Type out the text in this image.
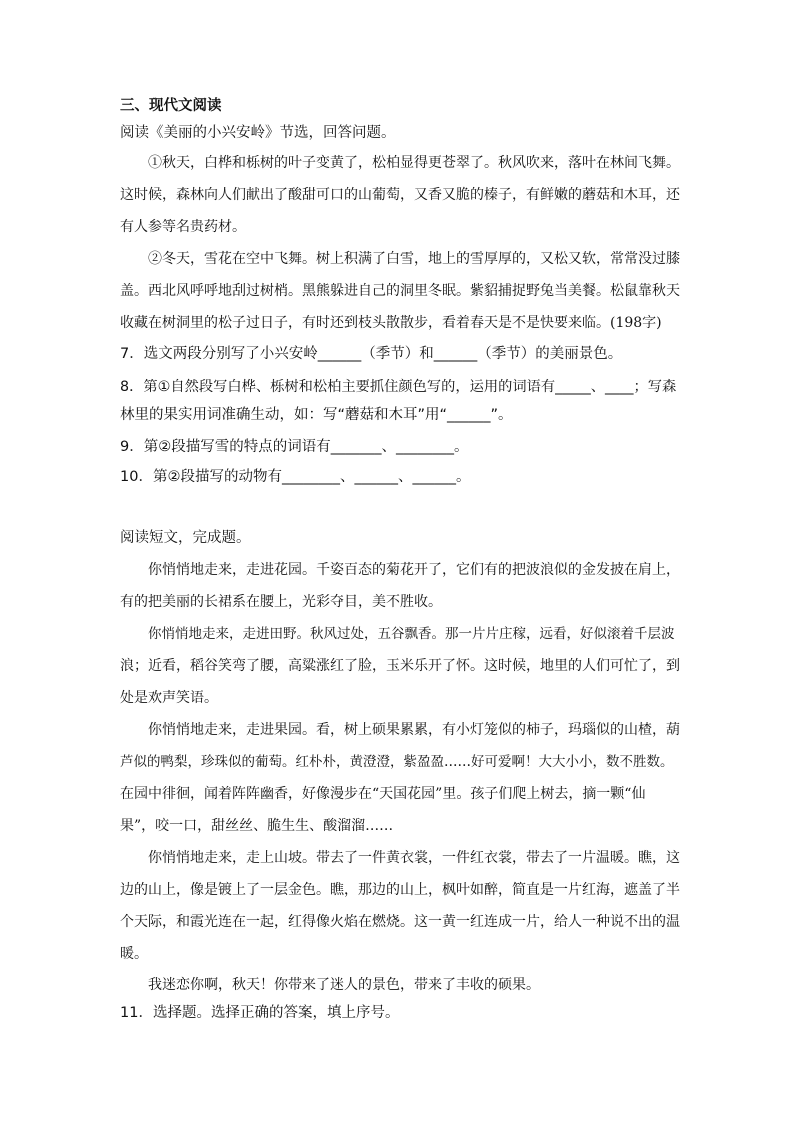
三、现代文阅读
阅读《美丽的小兴安岭》节选，回答问题。
①秋天，白桦和栎树的叶子变黄了，松柏显得更苍翠了。秋风吹来，落叶在林间飞舞。
这时候，森林向人们献出了酸甜可口的山葡萄，又香又脆的榛子，有鲜嫩的蘑菇和木耳，还
有人参等名贵药材。
②冬天，雪花在空中飞舞。树上积满了白雪，地上的雪厚厚的，又松又软，常常没过膝
盖。西北风呼呼地刮过树梢。黑熊躲进自己的洞里冬眠。紫貂捕捉野兔当美餐。松鼠靠秋天
收藏在树洞里的松子过日子，有时还到枝头散散步，看着春天是不是快要来临。(198字)
7．选文两段分别写了小兴安岭______（季节）和______（季节）的美丽景色。
8．第①自然段写白桦、栎树和松柏主要抓住颜色写的，运用的词语有_____、____；写森
林里的果实用词准确生动，如：写“蘑菇和木耳”用“______”。
9．第②段描写雪的特点的词语有_______、________。
10．第②段描写的动物有________、______、______。
阅读短文，完成题。
你悄悄地走来，走进花园。千姿百态的菊花开了，它们有的把波浪似的金发披在肩上，
有的把美丽的长裙系在腰上，光彩夺目，美不胜收。
你悄悄地走来，走进田野。秋风过处，五谷飘香。那一片片庄稼，远看，好似滚着千层波
浪；近看，稻谷笑弯了腰，高粱涨红了脸，玉米乐开了怀。这时候，地里的人们可忙了，到
处是欢声笑语。
你悄悄地走来，走进果园。看，树上硕果累累，有小灯笼似的柿子，玛瑙似的山楂，葫
芦似的鸭梨，珍珠似的葡萄。红朴朴，黄澄澄，紫盈盈……好可爱啊！大大小小，数不胜数。
在园中徘徊，闻着阵阵幽香，好像漫步在“天国花园”里。孩子们爬上树去，摘一颗“仙
果”，咬一口，甜丝丝、脆生生、酸溜溜……
你悄悄地走来，走上山坡。带去了一件黄衣裳，一件红衣裳，带去了一片温暖。瞧，这
边的山上，像是镀上了一层金色。瞧，那边的山上，枫叶如醉，简直是一片红海，遮盖了半
个天际，和霞光连在一起，红得像火焰在燃烧。这一黄一红连成一片，给人一种说不出的温
暖。
我迷恋你啊，秋天！你带来了迷人的景色，带来了丰收的硕果。
11．选择题。选择正确的答案，填上序号。
